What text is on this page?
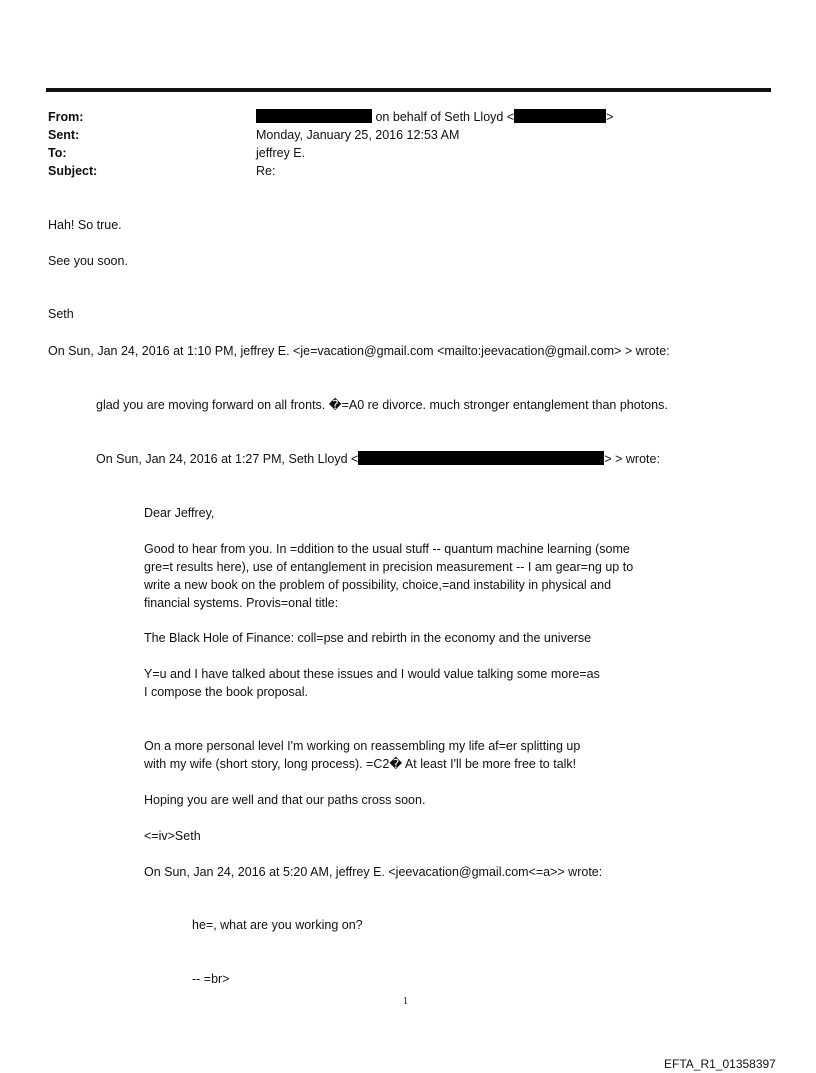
From:	on behalf of Seth Lloyd <	>
Sent:	Monday, January 25, 2016 12:53 AM
To:	jeffrey E.
Subject:	Re:
Hah! So true.
See you soon.
Seth
On Sun, Jan 24, 2016 at 1:10 PM, jeffrey E. <je=vacation@gmail.com <mailto:jeevacation@gmail.com> > wrote:
glad you are moving forward on all fronts. �=A0 re divorce. much stronger entanglement than photons.
On Sun, Jan 24, 2016 at 1:27 PM, Seth Lloyd <	> > wrote:
Dear Jeffrey,
Good to hear from you. In =ddition to the usual stuff -- quantum machine learning (some
gre=t results here), use of entanglement in precision measurement -- I am gear=ng up to
write a new book on the problem of possibility, choice,=and instability in physical and
financial systems. Provis=onal title:
The Black Hole of Finance: coll=pse and rebirth in the economy and the universe
Y=u and I have talked about these issues and I would value talking some more=as
I compose the book proposal.
On a more personal level I'm working on reassembling my life af=er splitting up
with my wife (short story, long process). =C2� At least I'll be more free to talk!
Hoping you are well and that our paths cross soon.
<=iv>Seth
On Sun, Jan 24, 2016 at 5:20 AM, jeffrey E. <jeevacation@gmail.com<=a>> wrote:
he=, what are you working on?
-- =br>
1
EFTA_R1_01358397
